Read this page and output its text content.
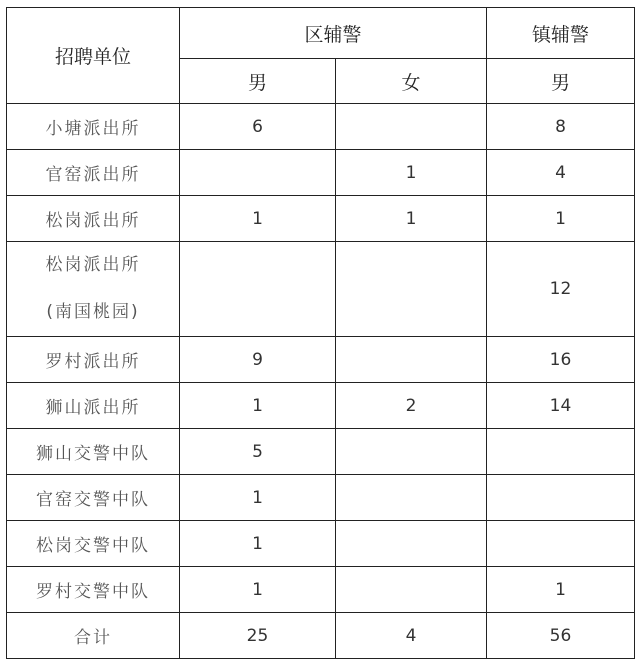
招聘单位	区辅警		镇辅警
	男	女	男
小塘派出所	6		8
官窑派出所		1	4
松岗派出所	1	1	1

松岗派出所
(南国桃园)			12
罗村派出所	9		16
狮山派出所	1	2	14
狮山交警中队	5		
官窑交警中队	1		
松岗交警中队	1		
罗村交警中队	1		1
合计	25	4	56
